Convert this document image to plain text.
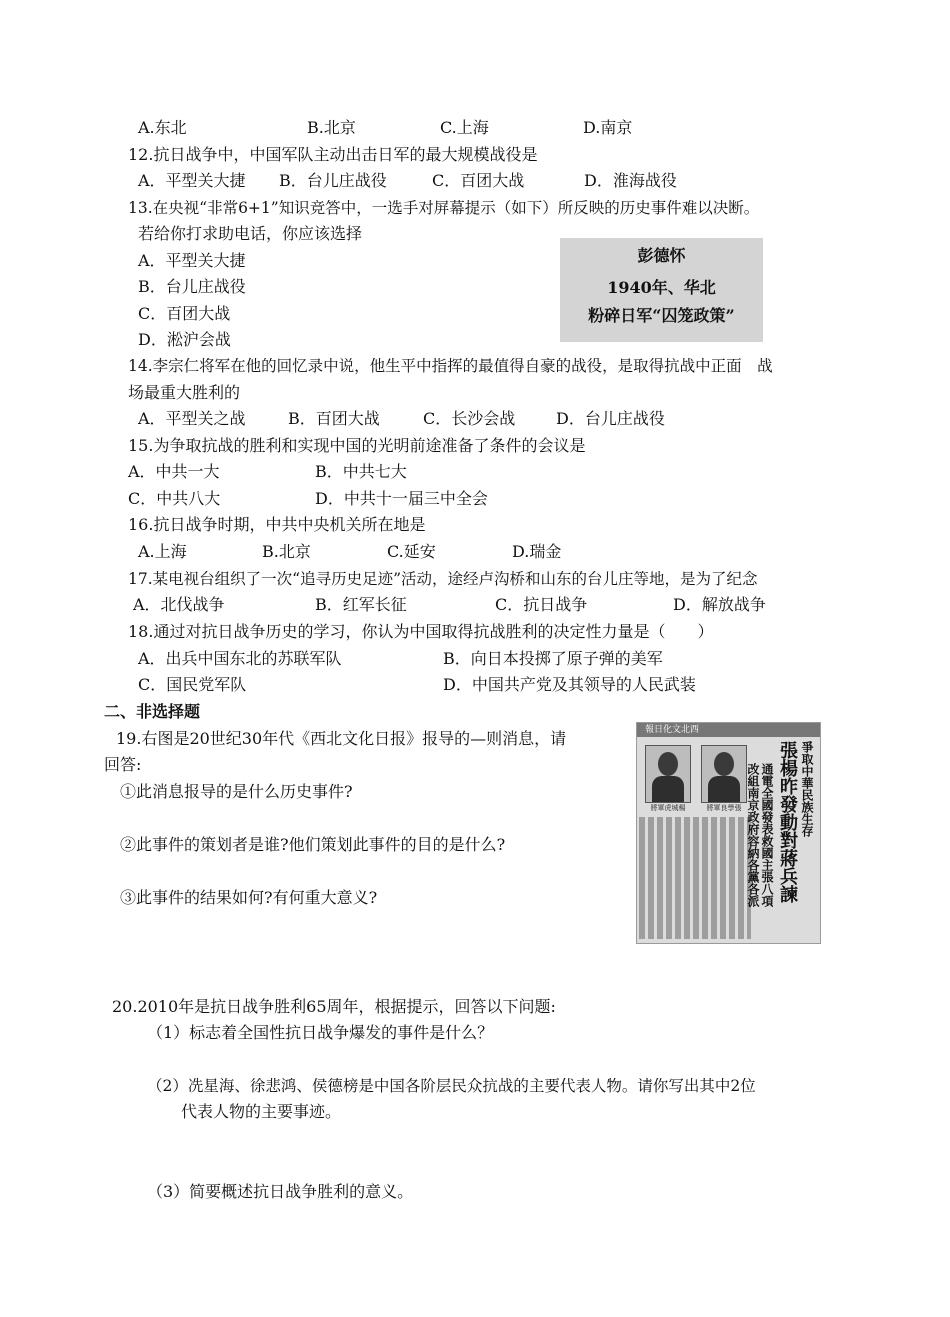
A.东北	B.北京	C.上海	D.南京
12.抗日战争中，中国军队主动出击日军的最大规模战役是
A．平型关大捷 B．台儿庄战役	C．百团大战	D．淮海战役
13.在央视“非常6+1”知识竞答中，一选手对屏幕提示（如下）所反映的历史事件难以决断。
若给你打求助电话，你应该选择
A．平型关大捷
B．台儿庄战役
C．百团大战
D．淞沪会战
彭德怀
1940年、华北
粉碎日军“囚笼政策”
14.李宗仁将军在他的回忆录中说，他生平中指挥的最值得自豪的战役，是取得抗战中正面　战
场最重大胜利的
A．平型关之战	B．百团大战	C．长沙会战	D．台儿庄战役
15.为争取抗战的胜利和实现中国的光明前途准备了条件的会议是
A．中共一大	B．中共七大
C．中共八大	D．中共十一届三中全会
16.抗日战争时期，中共中央机关所在地是
A.上海	B.北京	C.延安	D.瑞金
17.某电视台组织了一次“追寻历史足迹”活动，途经卢沟桥和山东的台儿庄等地，是为了纪念
A．北伐战争	B．红军长征	C．抗日战争	D．解放战争
18.通过对抗日战争历史的学习，你认为中国取得抗战胜利的决定性力量是（　　）
A．出兵中国东北的苏联军队	B．向日本投掷了原子弹的美军
C．国民党军队	D．中国共产党及其领导的人民武装
二、非选择题
19.右图是20世纪30年代《西北文化日报》报导的—则消息，请
回答:
①此消息报导的是什么历史事件?
②此事件的策划者是谁?他们策划此事件的目的是什么?
③此事件的结果如何?有何重大意义?
報日化文北西
將軍虎城楊	將軍良學張	爭取中華民族生存
張楊昨發動對蔣兵諫
通電全國發表救國主張八項
改組南京政府容納各黨各派
20.2010年是抗日战争胜利65周年，根据提示，回答以下问题:
（1）标志着全国性抗日战争爆发的事件是什么？
（2）冼星海、徐悲鸿、侯德榜是中国各阶层民众抗战的主要代表人物。请你写出其中2位
代表人物的主要事迹。
（3）简要概述抗日战争胜利的意义。
